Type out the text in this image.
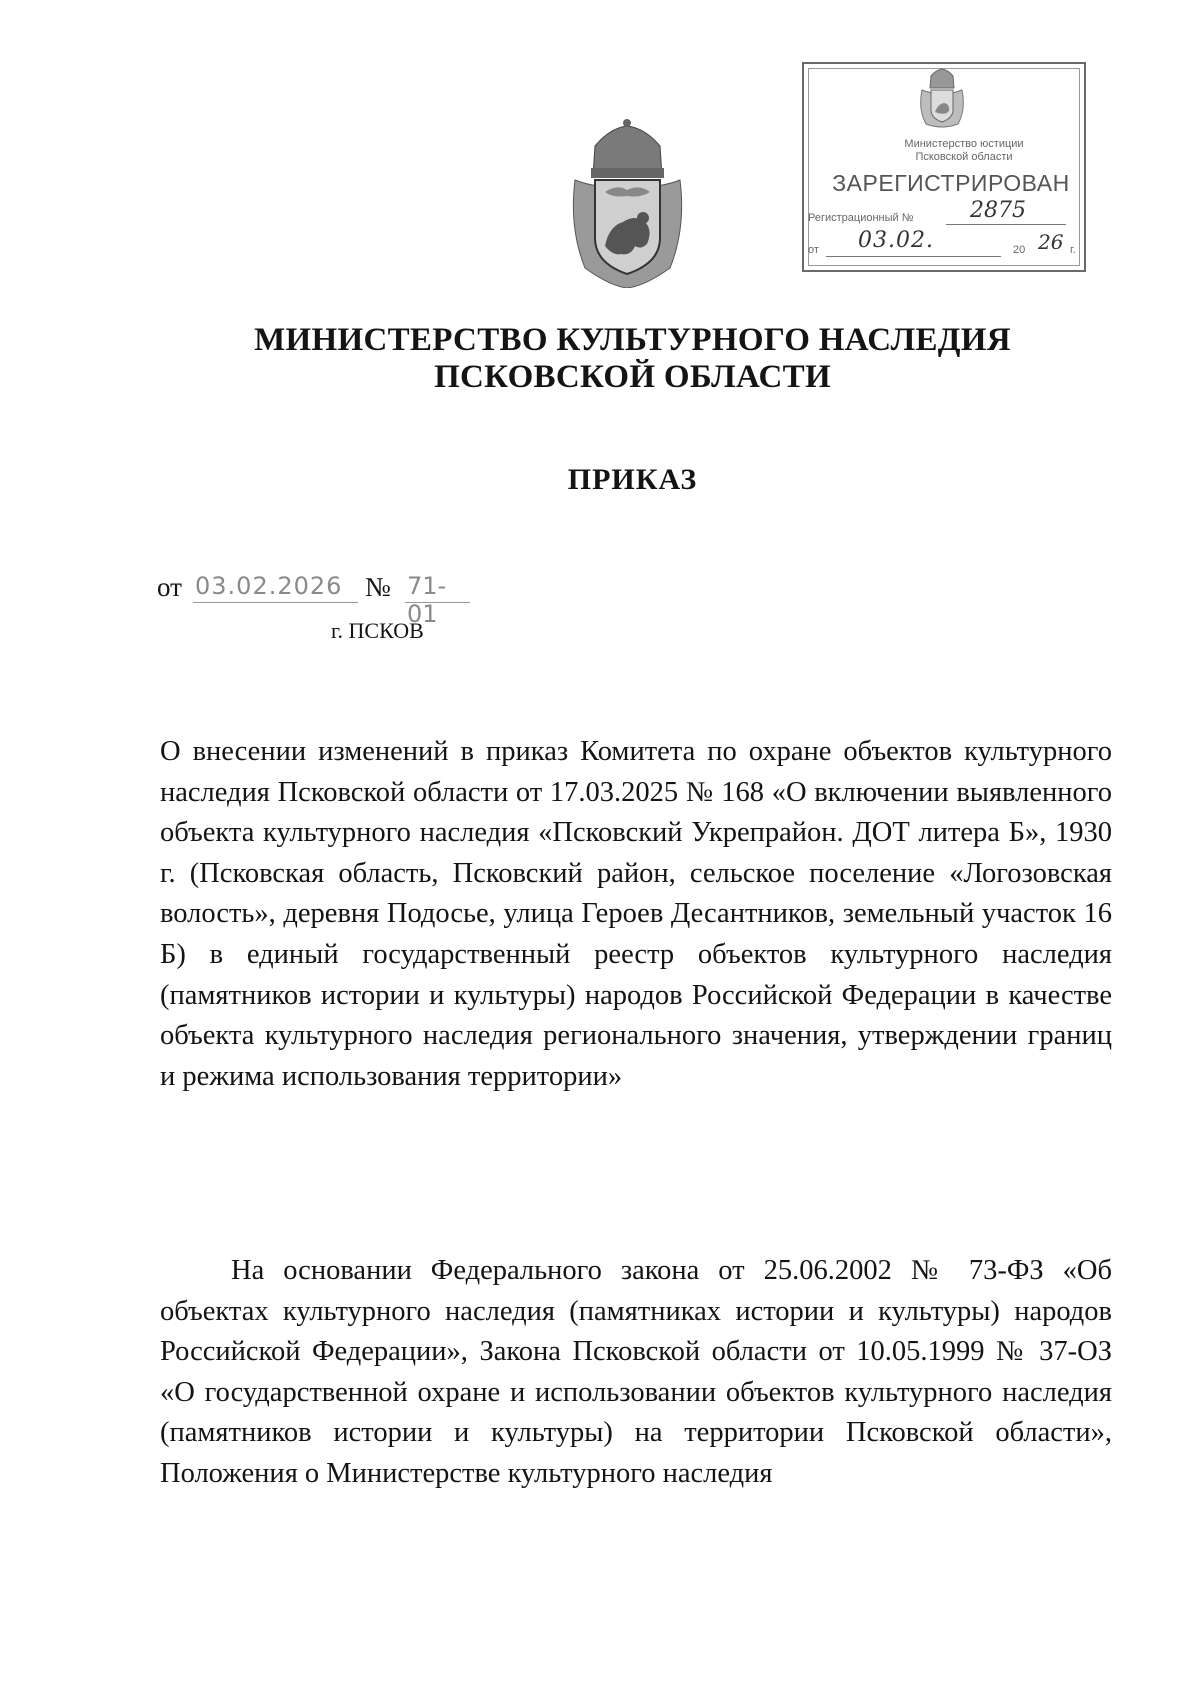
Министерство юстиции
Псковской области
ЗАРЕГИСТРИРОВАН
Регистрационный №	2875
от 03.02.	20 26 г.
МИНИСТЕРСТВО КУЛЬТУРНОГО НАСЛЕДИЯ
ПСКОВСКОЙ ОБЛАСТИ
ПРИКАЗ
от 03.02.2026 № 71-01
г. ПСКОВ
О внесении изменений в приказ Комитета по охране объектов культурного наследия Псковской области от 17.03.2025 № 168 «О включении выявленного объекта культурного наследия «Псковский Укрепрайон. ДОТ литера Б», 1930 г. (Псковская область, Псковский район, сельское поселение «Логозовская волость», деревня Подосье, улица Героев Десантников, земельный участок 16 Б) в единый государственный реестр объектов культурного наследия (памятников истории и культуры) народов Российской Федерации в качестве объекта культурного наследия регионального значения, утверждении границ и режима использования территории»
На основании Федерального закона от 25.06.2002 № 73-ФЗ «Об объектах культурного наследия (памятниках истории и культуры) народов Российской Федерации», Закона Псковской области от 10.05.1999 № 37-ОЗ «О государственной охране и использовании объектов культурного наследия (памятников истории и культуры) на территории Псковской области», Положения о Министерстве культурного наследия
